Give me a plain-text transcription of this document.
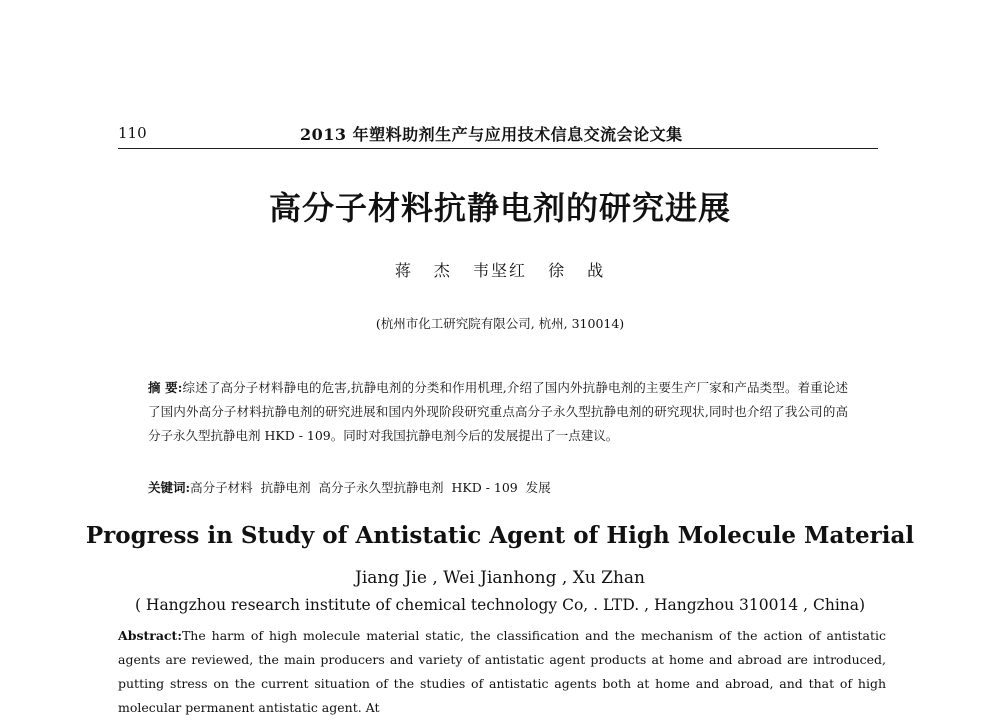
110	2013 年塑料助剂生产与应用技术信息交流会论文集
高分子材料抗静电剂的研究进展
蒋 杰 韦坚红 徐 战
(杭州市化工研究院有限公司, 杭州, 310014)
摘 要:综述了高分子材料静电的危害,抗静电剂的分类和作用机理,介绍了国内外抗静电剂的主要生产厂家和产品类型。着重论述了国内外高分子材料抗静电剂的研究进展和国内外现阶段研究重点高分子永久型抗静电剂的研究现状,同时也介绍了我公司的高分子永久型抗静电剂 HKD - 109。同时对我国抗静电剂今后的发展提出了一点建议。
关键词:高分子材料  抗静电剂  高分子永久型抗静电剂  HKD - 109  发展
Progress in Study of Antistatic Agent of High Molecule Material
Jiang Jie , Wei Jianhong , Xu Zhan
( Hangzhou research institute of chemical technology Co, . LTD. , Hangzhou 310014 , China)
Abstract:The harm of high molecule material static, the classification and the mechanism of the action of antistatic agents are reviewed, the main producers and variety of antistatic agent products at home and abroad are introduced, putting stress on the current situation of the studies of antistatic agents both at home and abroad, and that of high molecular permanent antistatic agent. At
